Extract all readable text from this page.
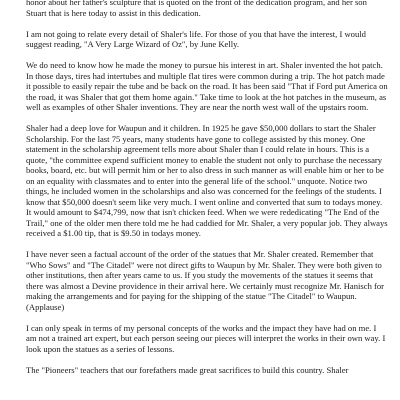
honor about her father's sculpture that is quoted on the front of the dedication program, and her son Stuart that is here today to assist in this dedication.

I am not going to relate every detail of Shaler's life. For those of you that have the interest, I would suggest reading, "A Very Large Wizard of Oz", by June Kelly.

We do need to know how he made the money to pursue his interest in art. Shaler invented the hot patch. In those days, tires had intertubes and multiple flat tires were common during a trip. The hot patch made it possible to easily repair the tube and be back on the road. It has been said "That if Ford put America on the road, it was Shaler that got them home again." Take time to look at the hot patches in the museum, as well as examples of other Shaler inventions. They are near the north west wall of the upstairs room.

Shaler had a deep love for Waupun and it children. In 1925 he gave $50,000 dollars to start the Shaler Scholarship. For the last 75 years, many students have gone to college assisted by this money. One statement in the scholarship agreement tells more about Shaler than I could relate in hours. This is a quote, "the committee expend sufficient money to enable the student not only to purchase the necessary books, board, etc. but will permit him or her to also dress in such manner as will enable him or her to be on an equality with classmates and to enter into the general life of the school." unquote. Notice two things, he included women in the scholarships and also was concerned for the feelings of the students. I know that $50,000 doesn't seem like very much. I went online and converted that sum to todays money. It would amount to $474,799, now that isn't chicken feed. When we were rededicating "The End of the Trail," one of the older men there told me he had caddied for Mr. Shaler, a very popular job. They always received a $1.00 tip, that is $9.50 in todays money.

I have never seen a factual account of the order of the statues that Mr. Shaler created. Remember that "Who Sows" and "The Citadel" were not direct gifts to Waupun by Mr. Shaler. They were both given to other institutions, then after years came to us. If you study the movements of the statues it seems that there was almost a Devine providence in their arrival here. We certainly must recognize Mr. Hanisch for making the arrangements and for paying for the shipping of the statue "The Citadel" to Waupun. (Applause)

I can only speak in terms of my personal concepts of the works and the impact they have had on me. I am not a trained art expert, but each person seeing our pieces will interpret the works in their own way. I look upon the statues as a series of lessons.

The "Pioneers" teachers that our forefathers made great sacrifices to build this country. Shaler
